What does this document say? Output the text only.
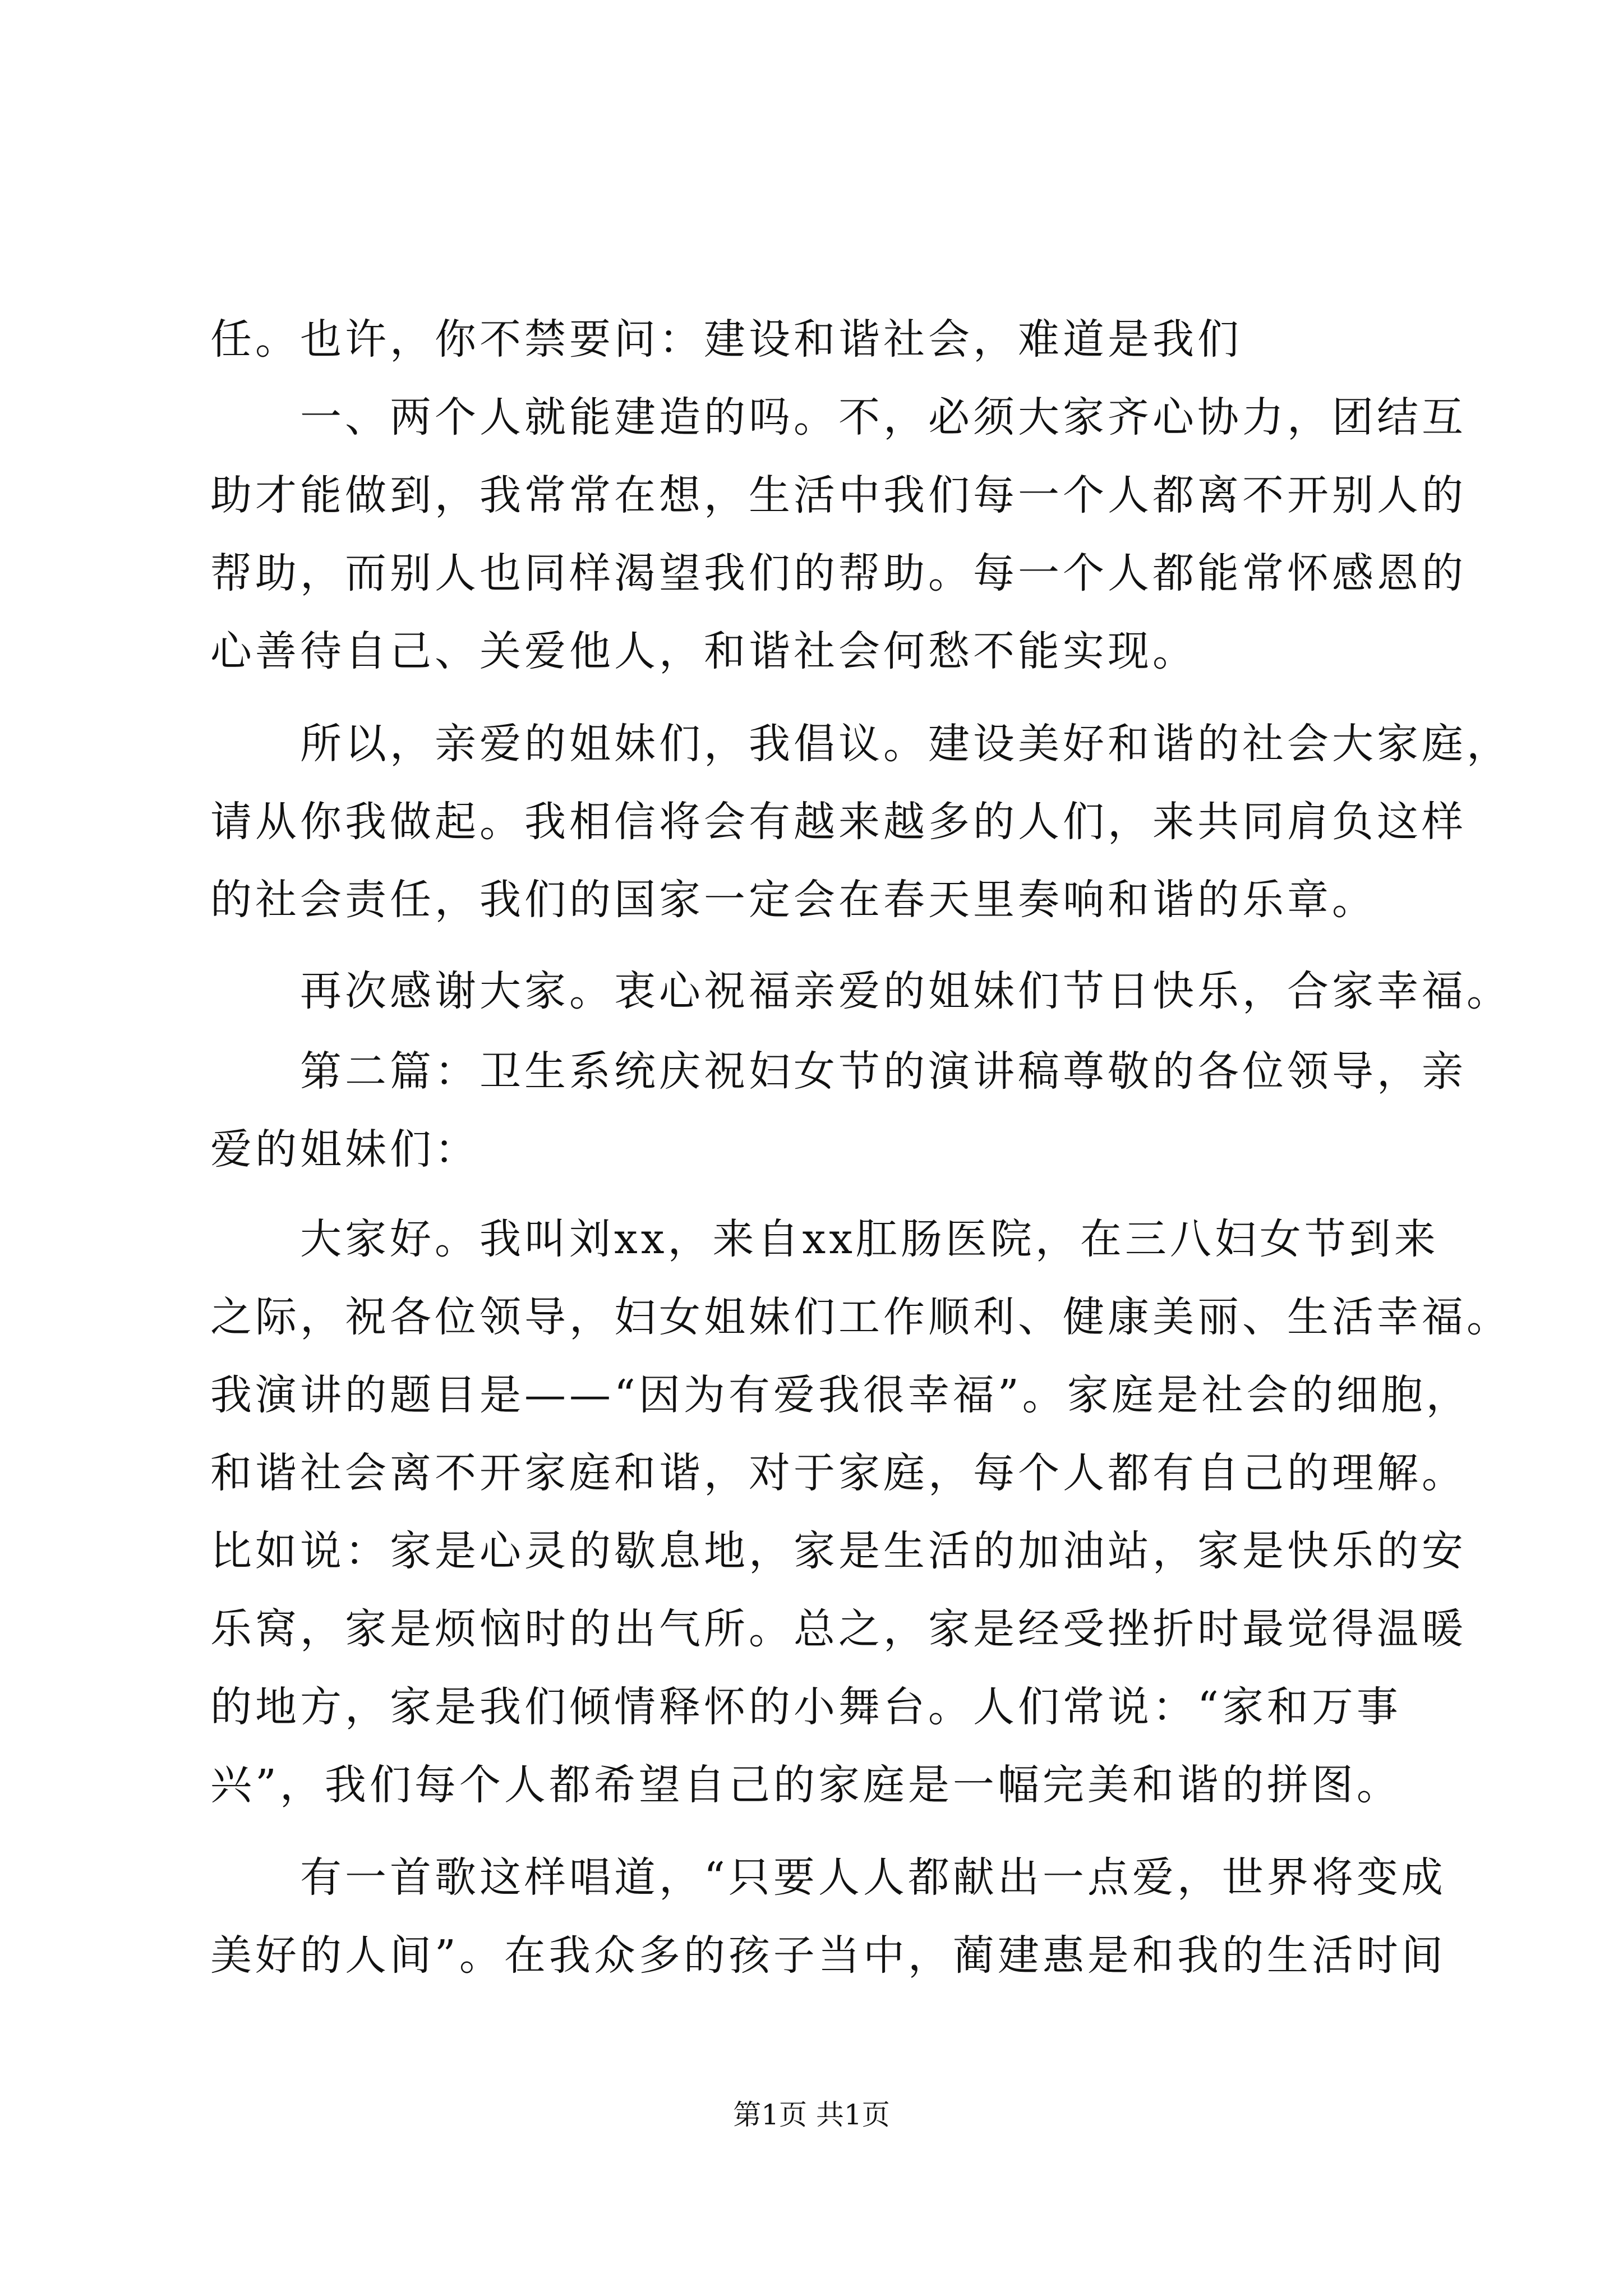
任。也许，你不禁要问：建设和谐社会，难道是我们

一、两个人就能建造的吗。不，必须大家齐心协力，团结互

助才能做到，我常常在想，生活中我们每一个人都离不开别人的

帮助，而别人也同样渴望我们的帮助。每一个人都能常怀感恩的

心善待自己、关爱他人，和谐社会何愁不能实现。

所以，亲爱的姐妹们，我倡议。建设美好和谐的社会大家庭，

请从你我做起。我相信将会有越来越多的人们，来共同肩负这样

的社会责任，我们的国家一定会在春天里奏响和谐的乐章。

再次感谢大家。衷心祝福亲爱的姐妹们节日快乐，合家幸福。

第二篇：卫生系统庆祝妇女节的演讲稿尊敬的各位领导，亲

爱的姐妹们：

大家好。我叫刘xx，来自xx肛肠医院，在三八妇女节到来

之际，祝各位领导，妇女姐妹们工作顺利、健康美丽、生活幸福。

我演讲的题目是——“因为有爱我很幸福”。家庭是社会的细胞，

和谐社会离不开家庭和谐，对于家庭，每个人都有自己的理解。

比如说：家是心灵的歇息地，家是生活的加油站，家是快乐的安

乐窝，家是烦恼时的出气所。总之，家是经受挫折时最觉得温暖

的地方，家是我们倾情释怀的小舞台。人们常说：“家和万事

兴”，我们每个人都希望自己的家庭是一幅完美和谐的拼图。

有一首歌这样唱道，“只要人人都献出一点爱，世界将变成

美好的人间”。在我众多的孩子当中，蔺建惠是和我的生活时间

第1页 共1页
